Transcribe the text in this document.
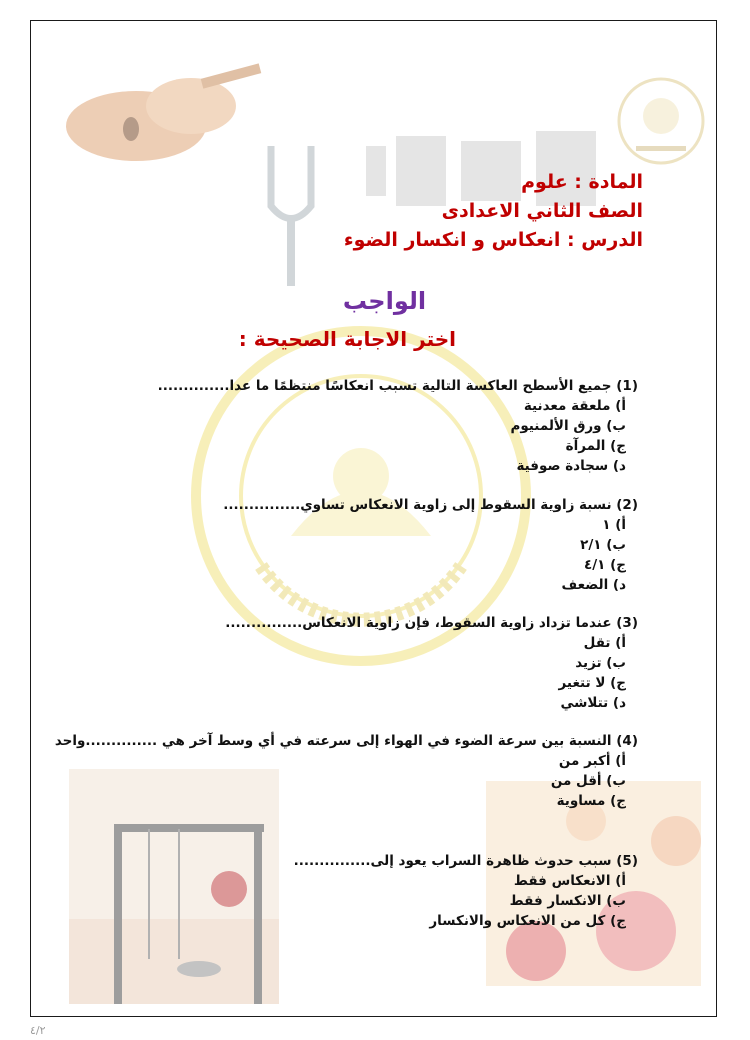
المادة : علوم
الصف الثاني الاعدادى
الدرس : انعكاس و انكسار الضوء
الواجب
اختر الاجابة الصحيحة :
(1) جميع الأسطح العاكسة التالية تسبب انعكاسًا منتظمًا ما عدا..............
أ) ملعقة معدنية
ب) ورق الألمنيوم
ج) المرآة
د) سجادة صوفية
(2) نسبة زاوية السقوط إلى زاوية الانعكاس تساوي...............
أ) ١
ب) ٢/١
ج) ٤/١
د) الضعف
(3) عندما تزداد زاوية السقوط، فإن زاوية الانعكاس...............
أ) تقل
ب) تزيد
ج) لا تتغير
د) تتلاشي
(4) النسبة بين سرعة الضوء في الهواء إلى سرعته في أي وسط آخر هي ..............واحد
أ) أكبر من
ب) أقل من
ج) مساوية
(5) سبب حدوث ظاهرة السراب يعود إلى...............
أ) الانعكاس فقط
ب) الانكسار فقط
ج) كل من الانعكاس والانكسار
٤/٢
